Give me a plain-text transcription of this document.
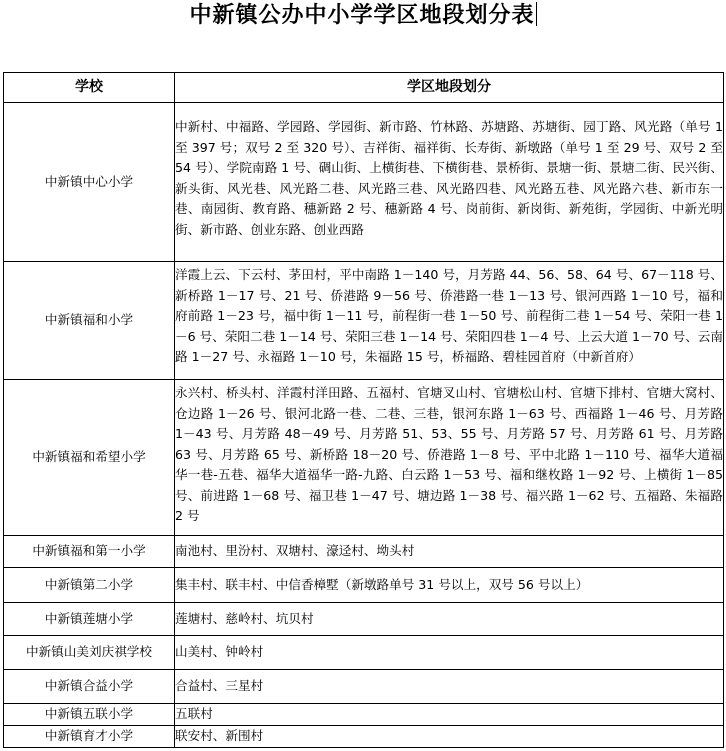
中新镇公办中小学学区地段划分表
学校	学区地段划分
中新镇中心小学	中新村、中福路、学园路、学园街、新市路、竹林路、苏塘路、苏塘街、园丁路、风光路（单号 1 至 397 号；双号 2 至 320 号）、吉祥街、福祥街、长寿街、新墩路（单号 1 至 29 号、双号 2 至 54 号）、学院南路 1 号、碉山街、上横街巷、下横街巷、景桥街、景塘一街、景塘二街、民兴街、新头街、风光巷、风光路二巷、风光路三巷、风光路四巷、风光路五巷、风光路六巷、新市东一巷、南园街、教育路、穗新路 2 号、穗新路 4 号、岗前街、新岗街、新苑街，学园街、中新光明街、新市路、创业东路、创业西路

中新镇福和小学	洋霞上云、下云村、茅田村，平中南路 1－140 号，月芳路 44、56、58、64 号、67－118 号、新桥路 1－17 号、21 号、侨港路 9－56 号、侨港路一巷 1－13 号、银河西路 1－10 号，福和府前路 1－23 号，福中街 1－11 号，前程街一巷 1－50 号、前程街二巷 1－54 号、荣阳一巷 1－6 号、荣阳二巷 1－14 号、荣阳三巷 1－14 号、荣阳四巷 1－4 号、上云大道 1－70 号、云南路 1－27 号、永福路 1－10 号，朱福路 15 号，桥福路、碧桂园首府（中新首府）

中新镇福和希望小学	永兴村、桥头村、洋霞村洋田路、五福村、官塘叉山村、官塘松山村、官塘下排村、官塘大窝村、仓边路 1－26 号、银河北路一巷、二巷、三巷，银河东路 1－63 号、西福路 1－46 号、月芳路 1－43 号、月芳路 48－49 号、月芳路 51、53、55 号、月芳路 57 号、月芳路 61 号、月芳路 63 号、月芳路 65 号、新桥路 18－20 号、侨港路 1－8 号、平中北路 1－110 号、福华大道福华一巷-五巷、福华大道福华一路-九路、白云路 1－53 号、福和继枚路 1－92 号、上横街 1－85 号、前进路 1－68 号、福卫巷 1－47 号、塘边路 1－38 号、福兴路 1－62 号、五福路、朱福路 2 号

中新镇福和第一小学	南池村、里汾村、双塘村、濠迳村、坳头村
中新镇第二小学	集丰村、联丰村、中信香樟墅（新墩路单号 31 号以上，双号 56 号以上）
中新镇莲塘小学	莲塘村、慈岭村、坑贝村
中新镇山美刘庆祺学校	山美村、钟岭村
中新镇合益小学	合益村、三星村
中新镇五联小学	五联村
中新镇育才小学	联安村、新围村
